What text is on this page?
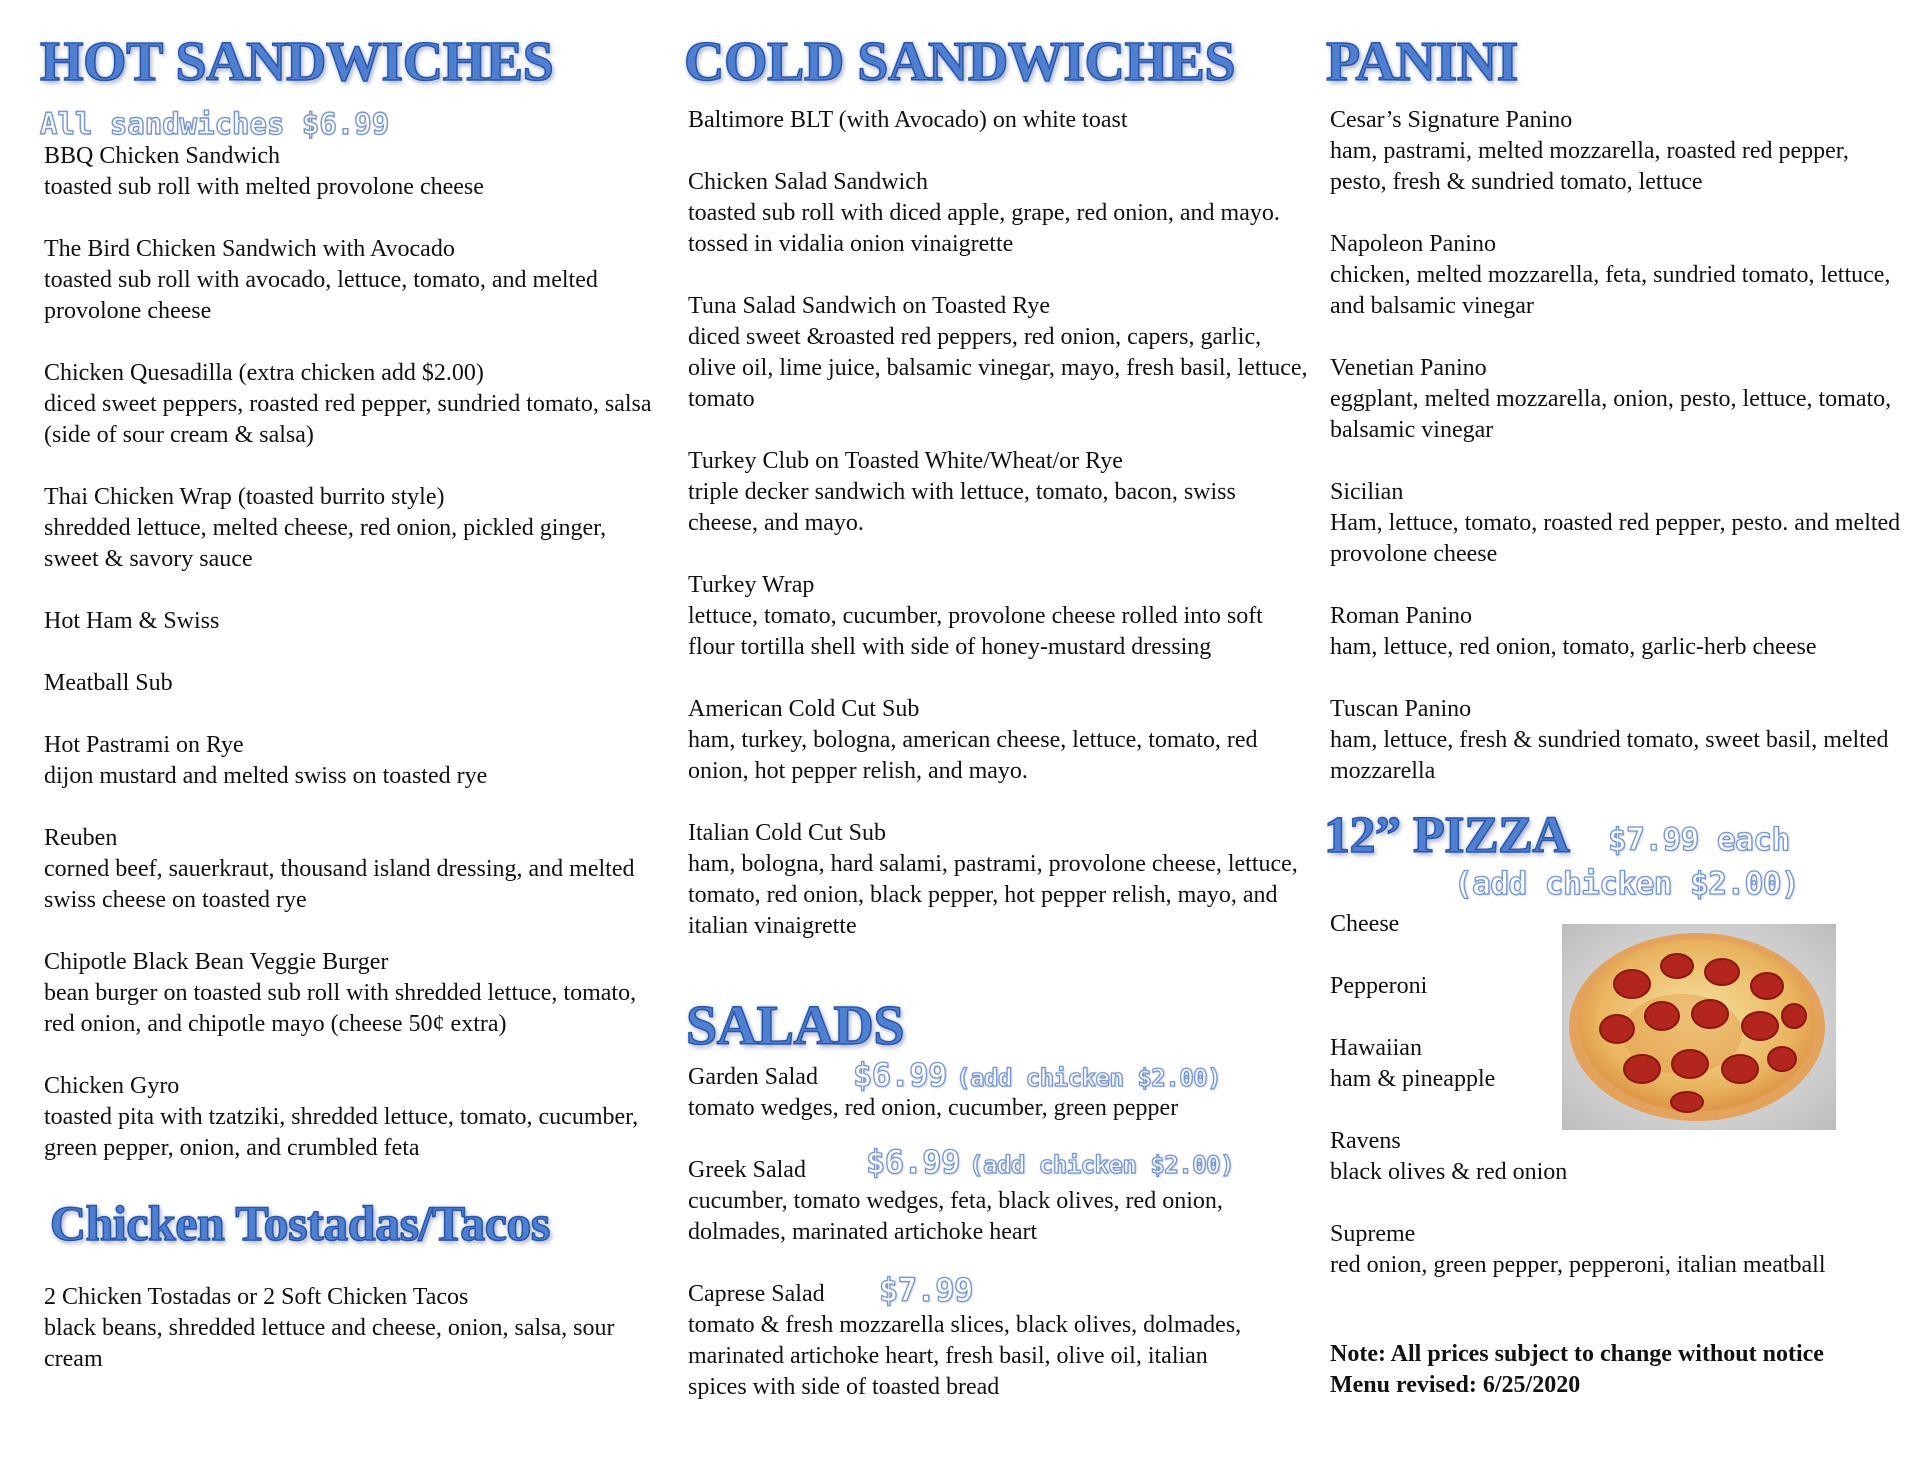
HOT SANDWICHES
All sandwiches $6.99
BBQ Chicken Sandwich
toasted sub roll with melted provolone cheese
The Bird Chicken Sandwich with Avocado
toasted sub roll with avocado, lettuce, tomato, and melted provolone cheese
Chicken Quesadilla (extra chicken add $2.00)
diced sweet peppers, roasted red pepper, sundried tomato, salsa (side of sour cream & salsa)
Thai Chicken Wrap (toasted burrito style)
shredded lettuce, melted cheese, red onion, pickled ginger, sweet & savory sauce
Hot Ham & Swiss
Meatball Sub
Hot Pastrami on Rye
dijon mustard and melted swiss on toasted rye
Reuben
corned beef, sauerkraut, thousand island dressing, and melted swiss cheese on toasted rye
Chipotle Black Bean Veggie Burger
bean burger on toasted sub roll with shredded lettuce, tomato, red onion, and chipotle mayo (cheese 50¢ extra)
Chicken Gyro
toasted pita with tzatziki, shredded lettuce, tomato, cucumber, green pepper, onion, and crumbled feta
Chicken Tostadas/Tacos
2 Chicken Tostadas or 2 Soft Chicken Tacos
black beans, shredded lettuce and cheese, onion, salsa, sour cream
COLD SANDWICHES
Baltimore BLT (with Avocado) on white toast
Chicken Salad Sandwich
toasted sub roll with diced apple, grape, red onion, and mayo. tossed in vidalia onion vinaigrette
Tuna Salad Sandwich on Toasted Rye
diced sweet &roasted red peppers, red onion, capers, garlic, olive oil, lime juice, balsamic vinegar, mayo, fresh basil, lettuce, tomato
Turkey Club on Toasted White/Wheat/or Rye
triple decker sandwich with lettuce, tomato, bacon, swiss cheese, and mayo.
Turkey Wrap
lettuce, tomato, cucumber, provolone cheese rolled into soft flour tortilla shell with side of honey-mustard dressing
American Cold Cut Sub
ham, turkey, bologna, american cheese, lettuce, tomato, red onion, hot pepper relish, and mayo.
Italian Cold Cut Sub
ham, bologna, hard salami, pastrami, provolone cheese, lettuce, tomato, red onion, black pepper, hot pepper relish, mayo, and italian vinaigrette
SALADS
Garden Salad $6.99 (add chicken $2.00)
tomato wedges, red onion, cucumber, green pepper
Greek Salad $6.99 (add chicken $2.00)
cucumber, tomato wedges, feta, black olives, red onion, dolmades, marinated artichoke heart
Caprese Salad $7.99
tomato & fresh mozzarella slices, black olives, dolmades, marinated artichoke heart, fresh basil, olive oil, italian spices with side of toasted bread
PANINI
Cesar’s Signature Panino
ham, pastrami, melted mozzarella, roasted red pepper, pesto, fresh & sundried tomato, lettuce
Napoleon Panino
chicken, melted mozzarella, feta, sundried tomato, lettuce, and balsamic vinegar
Venetian Panino
eggplant, melted mozzarella, onion, pesto, lettuce, tomato, balsamic vinegar
Sicilian
Ham, lettuce, tomato, roasted red pepper, pesto. and melted provolone cheese
Roman Panino
ham, lettuce, red onion, tomato, garlic-herb cheese
Tuscan Panino
ham, lettuce, fresh & sundried tomato, sweet basil, melted mozzarella
12” PIZZA $7.99 each
(add chicken $2.00)
Cheese
Pepperoni
Hawaiian
ham & pineapple
Ravens
black olives & red onion
Supreme
red onion, green pepper, pepperoni, italian meatball
Note: All prices subject to change without notice
Menu revised: 6/25/2020
